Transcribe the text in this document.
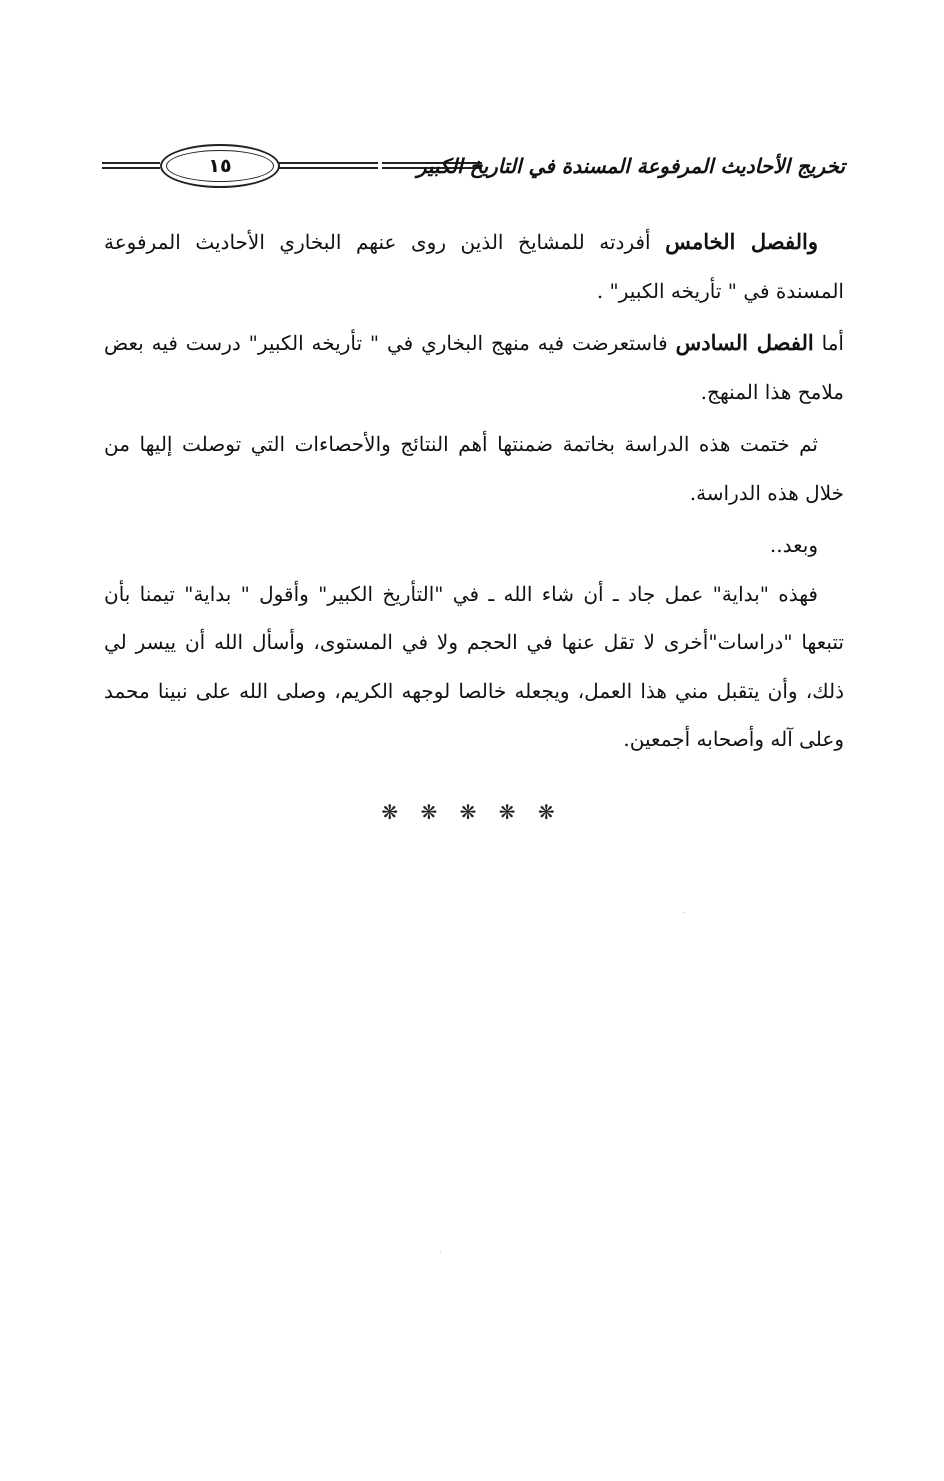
١٥	تخريج الأحاديث المرفوعة المسندة في التاريخ الكبير

والفصل الخامس أفردته للمشايخ الذين روى عنهم البخاري الأحاديث المرفوعة المسندة في " تأريخه الكبير" .

أما الفصل السادس فاستعرضت فيه منهج البخاري في " تأريخه الكبير" درست فيه بعض ملامح هذا المنهج.

ثم ختمت هذه الدراسة بخاتمة ضمنتها أهم النتائج والأحصاءات التي توصلت إليها من خلال هذه الدراسة.

وبعد..

فهذه "بداية" عمل جاد ـ أن شاء الله ـ في "التأريخ الكبير" وأقول " بداية" تيمنا بأن تتبعها "دراسات"أخرى لا تقل عنها في الحجم ولا في المستوى، وأسأل الله أن ييسر لي ذلك، وأن يتقبل مني هذا العمل، ويجعله خالصا لوجهه الكريم، وصلى الله على نبينا محمد وعلى آله وأصحابه أجمعين.

❋ ❋ ❋ ❋ ❋
